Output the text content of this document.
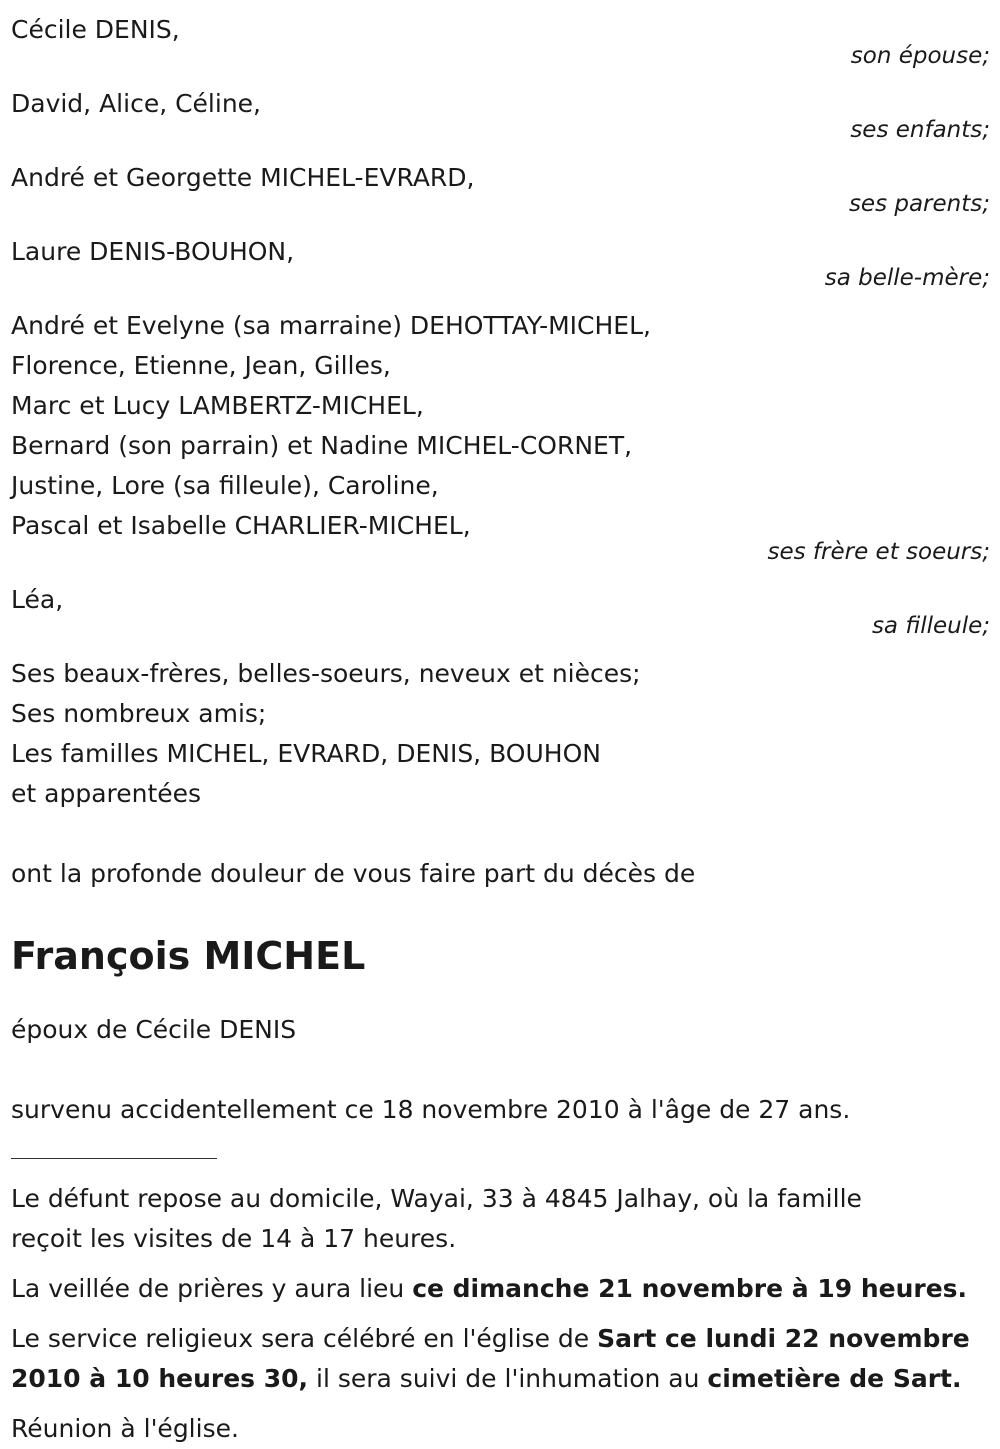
Cécile DENIS,

son épouse;

David, Alice, Céline,

ses enfants;

André et Georgette MICHEL-EVRARD,

ses parents;

Laure DENIS-BOUHON,

sa belle-mère;

André et Evelyne (sa marraine) DEHOTTAY-MICHEL,

Florence, Etienne, Jean, Gilles,

Marc et Lucy LAMBERTZ-MICHEL,

Bernard (son parrain) et Nadine MICHEL-CORNET,

Justine, Lore (sa filleule), Caroline,

Pascal et Isabelle CHARLIER-MICHEL,

ses frère et soeurs;

Léa,

sa filleule;

Ses beaux-frères, belles-soeurs, neveux et nièces;

Ses nombreux amis;

Les familles MICHEL, EVRARD, DENIS, BOUHON

et apparentées

ont la profonde douleur de vous faire part du décès de

François MICHEL

époux de Cécile DENIS

survenu accidentellement ce 18 novembre 2010 à l'âge de 27 ans.

Le défunt repose au domicile, Wayai, 33 à 4845 Jalhay, où la famille

reçoit les visites de 14 à 17 heures.

La veillée de prières y aura lieu ce dimanche 21 novembre à 19 heures.

Le service religieux sera célébré en l'église de Sart ce lundi 22 novembre

2010 à 10 heures 30, il sera suivi de l'inhumation au cimetière de Sart.

Réunion à l'église.
